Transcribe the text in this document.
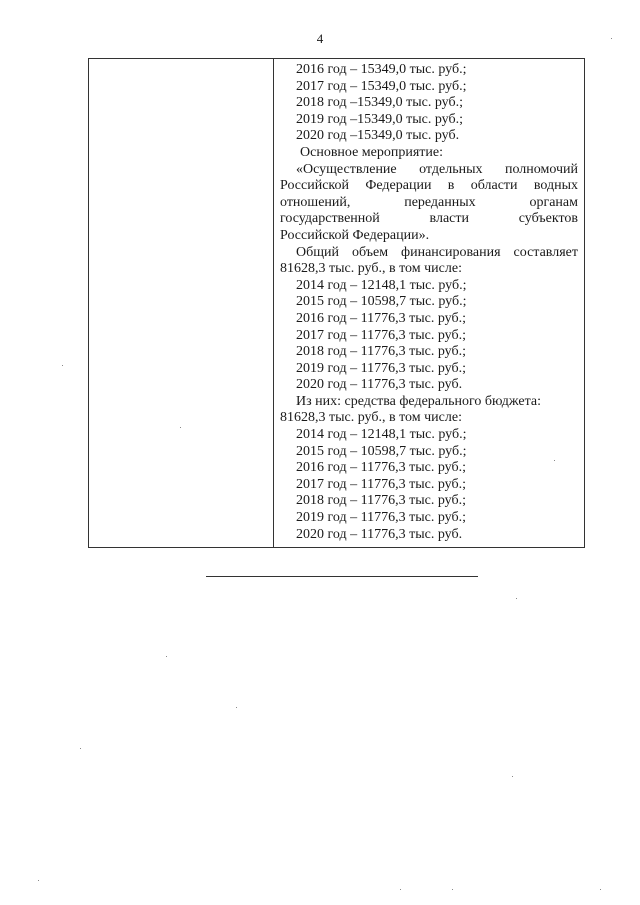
4
2016 год – 15349,0 тыс. руб.;
2017 год – 15349,0 тыс. руб.;
2018 год –15349,0 тыс. руб.;
2019 год –15349,0 тыс. руб.;
2020 год –15349,0 тыс. руб.
Основное мероприятие:
«Осуществление отдельных полномочий
Российской Федерации в области водных
отношений, переданных органам
государственной власти субъектов
Российской Федерации».
Общий объем финансирования составляет
81628,3 тыс. руб., в том числе:
2014 год – 12148,1 тыс. руб.;
2015 год – 10598,7 тыс. руб.;
2016 год – 11776,3 тыс. руб.;
2017 год – 11776,3 тыс. руб.;
2018 год – 11776,3 тыс. руб.;
2019 год – 11776,3 тыс. руб.;
2020 год – 11776,3 тыс. руб.
Из них: средства федерального бюджета:
81628,3 тыс. руб., в том числе:
2014 год – 12148,1 тыс. руб.;
2015 год – 10598,7 тыс. руб.;
2016 год – 11776,3 тыс. руб.;
2017 год – 11776,3 тыс. руб.;
2018 год – 11776,3 тыс. руб.;
2019 год – 11776,3 тыс. руб.;
2020 год – 11776,3 тыс. руб.
